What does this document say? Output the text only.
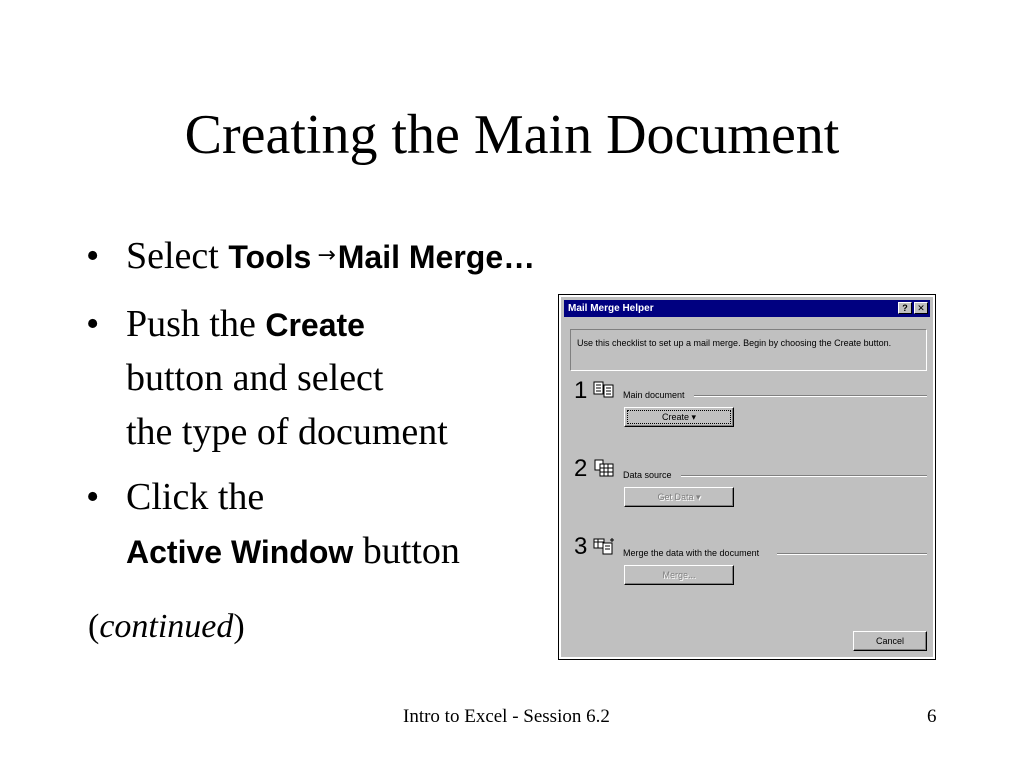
Creating the Main Document
• Select Tools →Mail Merge…
• Push the Create
button and select
the type of document
• Click the
Active Window button
(continued)
Intro to Excel - Session 6.2	6
Mail Merge Helper	?	✕
Use this checklist to set up a mail merge. Begin by choosing the Create button.
1	Main document
Create ▾
2	Data source
Get Data ▾
3	Merge the data with the document
Merge...
Cancel
